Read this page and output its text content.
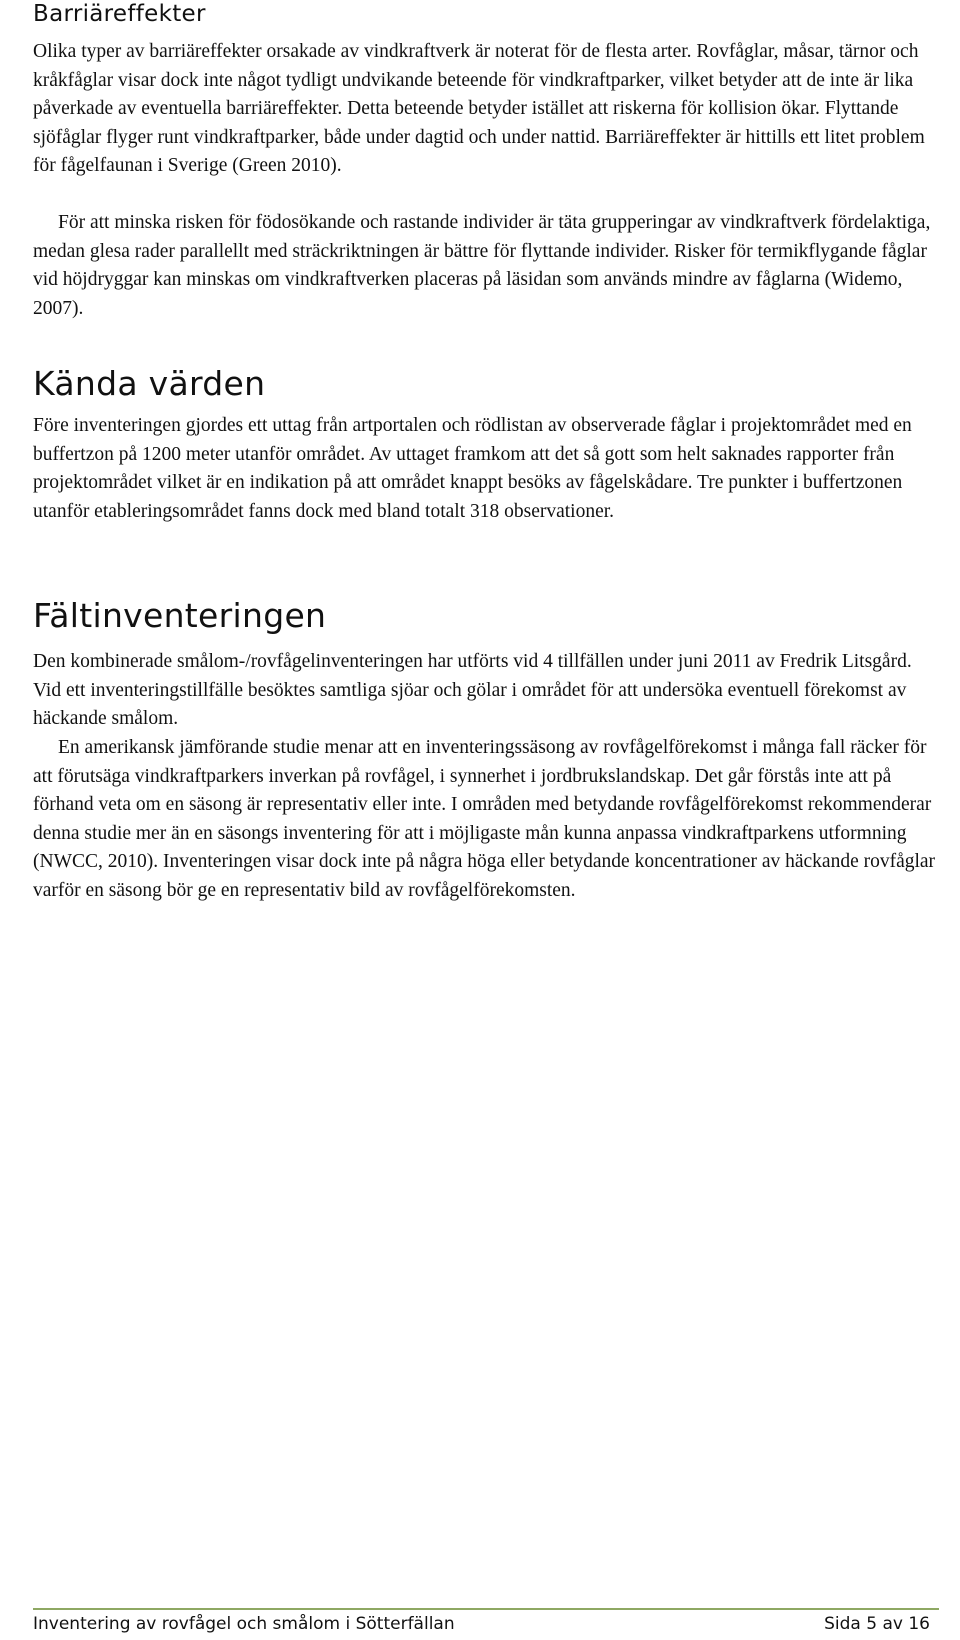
Barriäreffekter

Olika typer av barriäreffekter orsakade av vindkraftverk är noterat för de flesta arter. Rovfåglar, måsar, tärnor och kråkfåglar visar dock inte något tydligt undvikande beteende för vindkraftparker, vilket betyder att de inte är lika påverkade av eventuella barriäreffekter. Detta beteende betyder istället att riskerna för kollision ökar. Flyttande sjöfåglar flyger runt vindkraftparker, både under dagtid och under nattid. Barriäreffekter är hittills ett litet problem för fågelfaunan i Sverige (Green 2010).

För att minska risken för födosökande och rastande individer är täta grupperingar av vindkraftverk fördelaktiga, medan glesa rader parallellt med sträckriktningen är bättre för flyttande individer. Risker för termikflygande fåglar vid höjdryggar kan minskas om vindkraftverken placeras på läsidan som används mindre av fåglarna (Widemo, 2007).

Kända värden

Före inventeringen gjordes ett uttag från artportalen och rödlistan av observerade fåglar i projektområdet med en buffertzon på 1200 meter utanför området. Av uttaget framkom att det så gott som helt saknades rapporter från projektområdet vilket är en indikation på att området knappt besöks av fågelskådare. Tre punkter i buffertzonen utanför etableringsområdet fanns dock med bland totalt 318 observationer.

Fältinventeringen

Den kombinerade smålom-/rovfågelinventeringen har utförts vid 4 tillfällen under juni 2011 av Fredrik Litsgård. Vid ett inventeringstillfälle besöktes samtliga sjöar och gölar i området för att undersöka eventuell förekomst av häckande smålom.

En amerikansk jämförande studie menar att en inventeringssäsong av rovfågelförekomst i många fall räcker för att förutsäga vindkraftparkers inverkan på rovfågel, i synnerhet i jordbrukslandskap. Det går förstås inte att på förhand veta om en säsong är representativ eller inte. I områden med betydande rovfågelförekomst rekommenderar denna studie mer än en säsongs inventering för att i möjligaste mån kunna anpassa vindkraftparkens utformning (NWCC, 2010). Inventeringen visar dock inte på några höga eller betydande koncentrationer av häckande rovfåglar varför en säsong bör ge en representativ bild av rovfågelförekomsten.

Inventering av rovfågel och smålom i Sötterfällan	Sida 5 av 16
